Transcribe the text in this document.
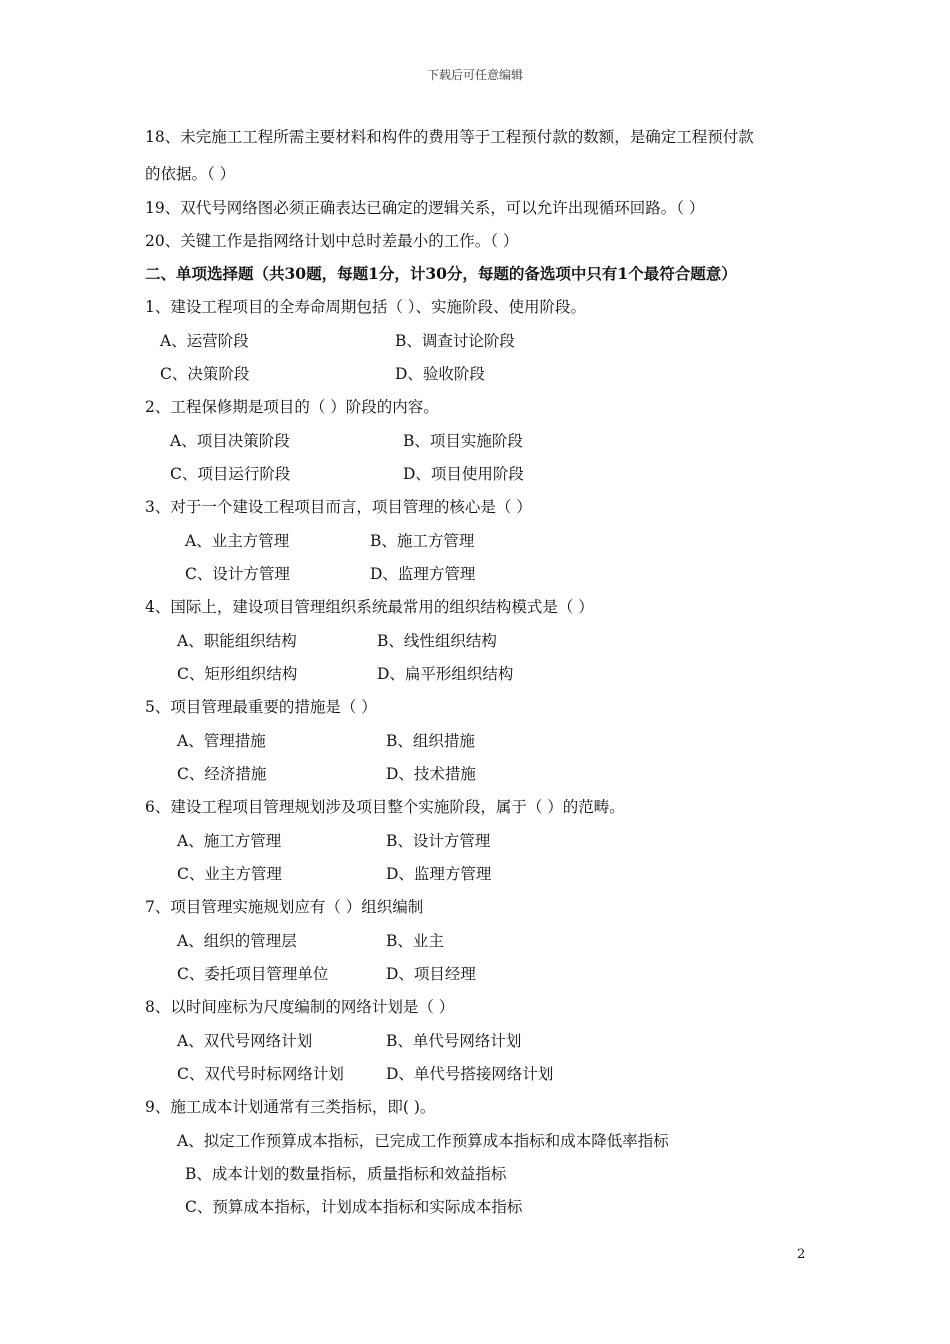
下载后可任意编辑
18、未完施工工程所需主要材料和构件的费用等于工程预付款的数额，是确定工程预付款
的依据。（ ）
19、双代号网络图必须正确表达已确定的逻辑关系，可以允许出现循环回路。（ ）
20、关键工作是指网络计划中总时差最小的工作。（ ）
二、单项选择题（共30题，每题1分，计30分，每题的备选项中只有1个最符合题意）
1、建设工程项目的全寿命周期包括（ ）、实施阶段、使用阶段。
A、运营阶段	B、调查讨论阶段
C、决策阶段	D、验收阶段
2、工程保修期是项目的（ ）阶段的内容。
A、项目决策阶段	B、项目实施阶段
C、项目运行阶段	D、项目使用阶段
3、对于一个建设工程项目而言，项目管理的核心是（ ）
A、业主方管理	B、施工方管理
C、设计方管理	D、监理方管理
4、国际上，建设项目管理组织系统最常用的组织结构模式是（ ）
A、职能组织结构	B、线性组织结构
C、矩形组织结构	D、扁平形组织结构
5、项目管理最重要的措施是（ ）
A、管理措施	B、组织措施
C、经济措施	D、技术措施
6、建设工程项目管理规划涉及项目整个实施阶段，属于（ ）的范畴。
A、施工方管理	B、设计方管理
C、业主方管理	D、监理方管理
7、项目管理实施规划应有（ ）组织编制
A、组织的管理层	B、业主
C、委托项目管理单位	D、项目经理
8、以时间座标为尺度编制的网络计划是（ ）
A、双代号网络计划	B、单代号网络计划
C、双代号时标网络计划	D、单代号搭接网络计划
9、施工成本计划通常有三类指标，即( )。
A、拟定工作预算成本指标，已完成工作预算成本指标和成本降低率指标
B、成本计划的数量指标，质量指标和效益指标
C、预算成本指标，计划成本指标和实际成本指标
2
